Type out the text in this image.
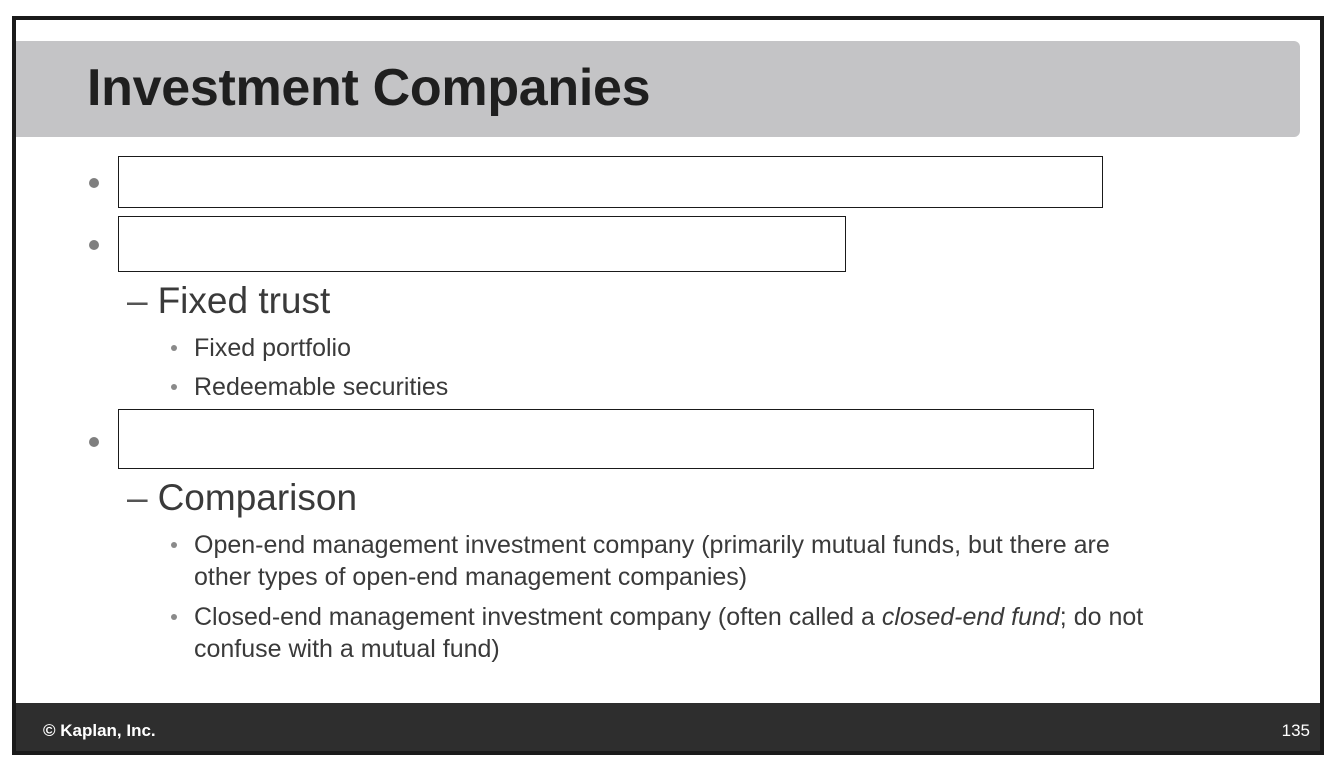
Investment Companies

– Fixed trust

Fixed portfolio

Redeemable securities

– Comparison

Open-end management investment company (primarily mutual funds, but there are
other types of open-end management companies)

Closed-end management investment company (often called a closed-end fund; do not
confuse with a mutual fund)

© Kaplan, Inc.	135
